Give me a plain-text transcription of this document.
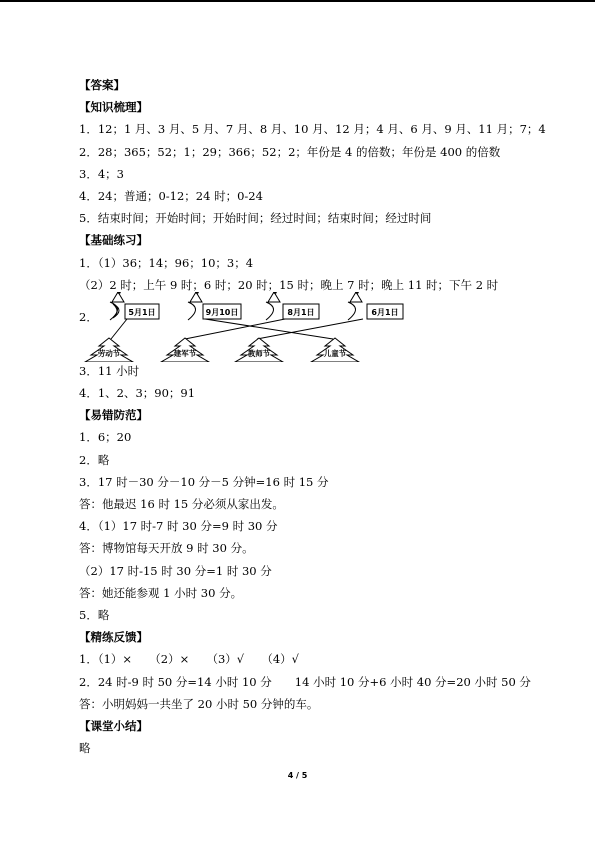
【答案】
【知识梳理】
1．12；1 月、3 月、5 月、7 月、8 月、10 月、12 月；4 月、6 月、9 月、11 月；7；4
2．28；365；52；1；29；366；52；2；年份是 4 的倍数；年份是 400 的倍数
3．4；3
4．24；普通；0-12；24 时；0-24
5．结束时间；开始时间；开始时间；经过时间；结束时间；经过时间
【基础练习】
1．（1）36；14；96；10；3；4
（2）2 时；上午 9 时；6 时；20 时；15 时；晚上 7 时；晚上 11 时；下午 2 时
2．	5月1日	9月10日	8月1日	6月1日
劳动节	建军节	教师节	儿童节
3．11 小时
4．1、2、3；90；91
【易错防范】
1．6；20
2．略
3．17 时－30 分－10 分－5 分钟=16 时 15 分
答：他最迟 16 时 15 分必须从家出发。
4．（1）17 时-7 时 30 分=9 时 30 分
答：博物馆每天开放 9 时 30 分。
（2）17 时-15 时 30 分=1 时 30 分
答：她还能参观 1 小时 30 分。
5．略
【精练反馈】
1．（1）×　　（2）×　　（3）√　　（4）√
2．24 时-9 时 50 分=14 小时 10 分　　14 小时 10 分+6 小时 40 分=20 小时 50 分
答：小明妈妈一共坐了 20 小时 50 分钟的车。
【课堂小结】
略
4 / 5
